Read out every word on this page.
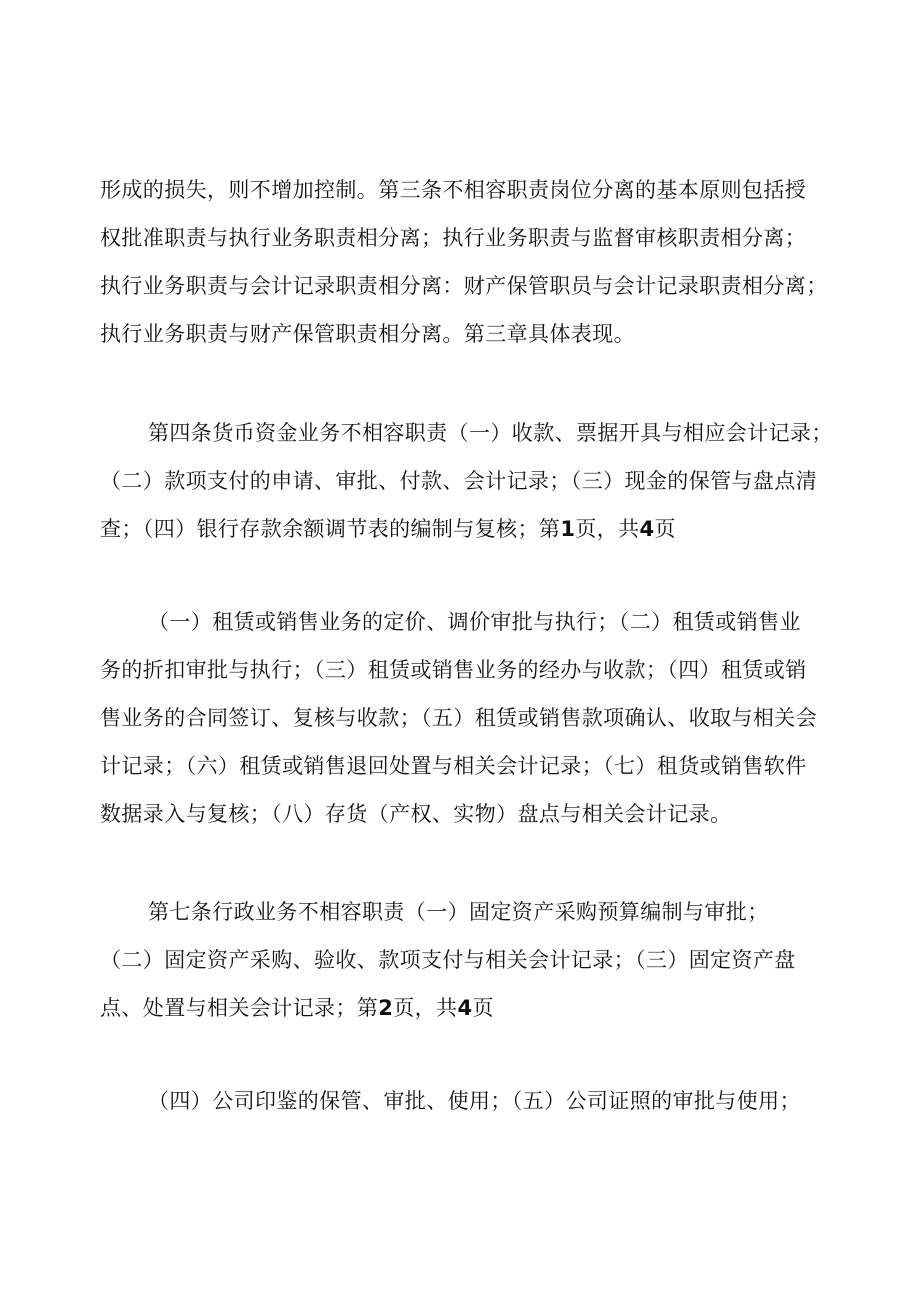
形成的损失，则不增加控制。第三条不相容职责岗位分离的基本原则包括授
权批准职责与执行业务职责相分离；执行业务职责与监督审核职责相分离；
执行业务职责与会计记录职责相分离：财产保管职员与会计记录职责相分离；
执行业务职责与财产保管职责相分离。第三章具体表现。
第四条货币资金业务不相容职责（一）收款、票据开具与相应会计记录；
（二）款项支付的申请、审批、付款、会计记录；（三）现金的保管与盘点清
查；（四）银行存款余额调节表的编制与复核；第1页，共4页
（一）租赁或销售业务的定价、调价审批与执行；（二）租赁或销售业
务的折扣审批与执行；（三）租赁或销售业务的经办与收款；（四）租赁或销
售业务的合同签订、复核与收款；（五）租赁或销售款项确认、收取与相关会
计记录；（六）租赁或销售退回处置与相关会计记录；（七）租货或销售软件
数据录入与复核；（八）存货（产权、实物）盘点与相关会计记录。
第七条行政业务不相容职责（一）固定资产采购预算编制与审批；
（二）固定资产采购、验收、款项支付与相关会计记录；（三）固定资产盘
点、处置与相关会计记录；第2页，共4页
（四）公司印鉴的保管、审批、使用；（五）公司证照的审批与使用；
